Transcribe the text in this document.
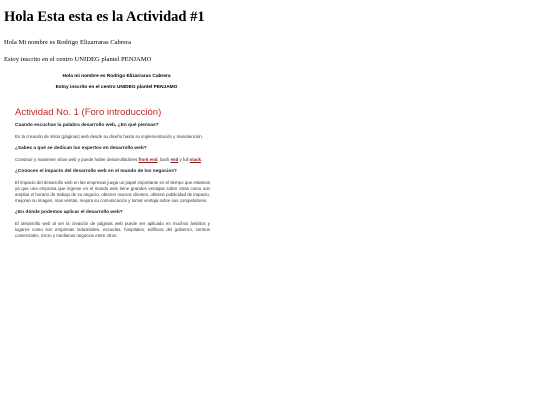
Hola Esta esta es la Actividad #1

Hola Mi nombre es Rodrigo Elizarraras Cabrera

Estoy inscrito en el centro UNIDEG plantel PENJAMO

Hola mi nombre es Rodrigo Elizarraras Cabrera
Estoy inscrito en el centro UNIDEG plantel PENJAMO
Actividad No. 1 (Foro introducción)
Cuando escuchas la palabra desarrollo web, ¿En qué piensas?

En la creación de sitios (páginas) web desde su diseño hasta su implementación y manutención.

¿Sabes a qué se dedican los expertos en desarrollo web?

Construir y mantener sitios web y puede haber desarrolladores front end, back end y full stack.

¿Conoces el impacto del desarrollo web en el mundo de los negocios?

El impacto del desarrollo web en las empresas juega un papel importante en el tiempo que estamos ya que una empresa que ingrese en el mundo web tiene grandes ventajas sobre otras como son ampliar el horario de trabajo de su negocio, obtener nuevos clientes, obtiene publicidad de impacto, mejoran su imagen, mas ventas, mejora su comunicación y tomar ventaja sobre sus competidores.

¿En dónde podemos aplicar el desarrollo web?

El desarrollo web al ser la creación de páginas web puede ser aplicado en muchos ámbitos y lugares como son empresas industriales, escuelas, hospitales, edificios del gobierno, centros comerciales, micro y medianos negocios entre otros.
